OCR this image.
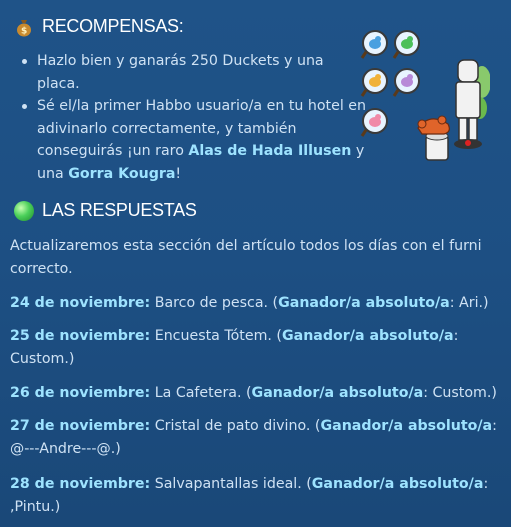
$ RECOMPENSAS:
Hazlo bien y ganarás 250 Duckets y una placa.
Sé el/la primer Habbo usuario/a en tu hotel en adivinarlo correctamente, y también conseguirás ¡un raro Alas de Hada Illusen y una Gorra Kougra!
LAS RESPUESTAS

Actualizaremos esta sección del artículo todos los días con el furni correcto.

24 de noviembre: Barco de pesca. (Ganador/a absoluto/a: Ari.)

25 de noviembre: Encuesta Tótem. (Ganador/a absoluto/a: Custom.)

26 de noviembre: La Cafetera. (Ganador/a absoluto/a: Custom.)

27 de noviembre: Cristal de pato divino. (Ganador/a absoluto/a: @---Andre---@.)

28 de noviembre: Salvapantallas ideal. (Ganador/a absoluto/a: ,Pintu.)
